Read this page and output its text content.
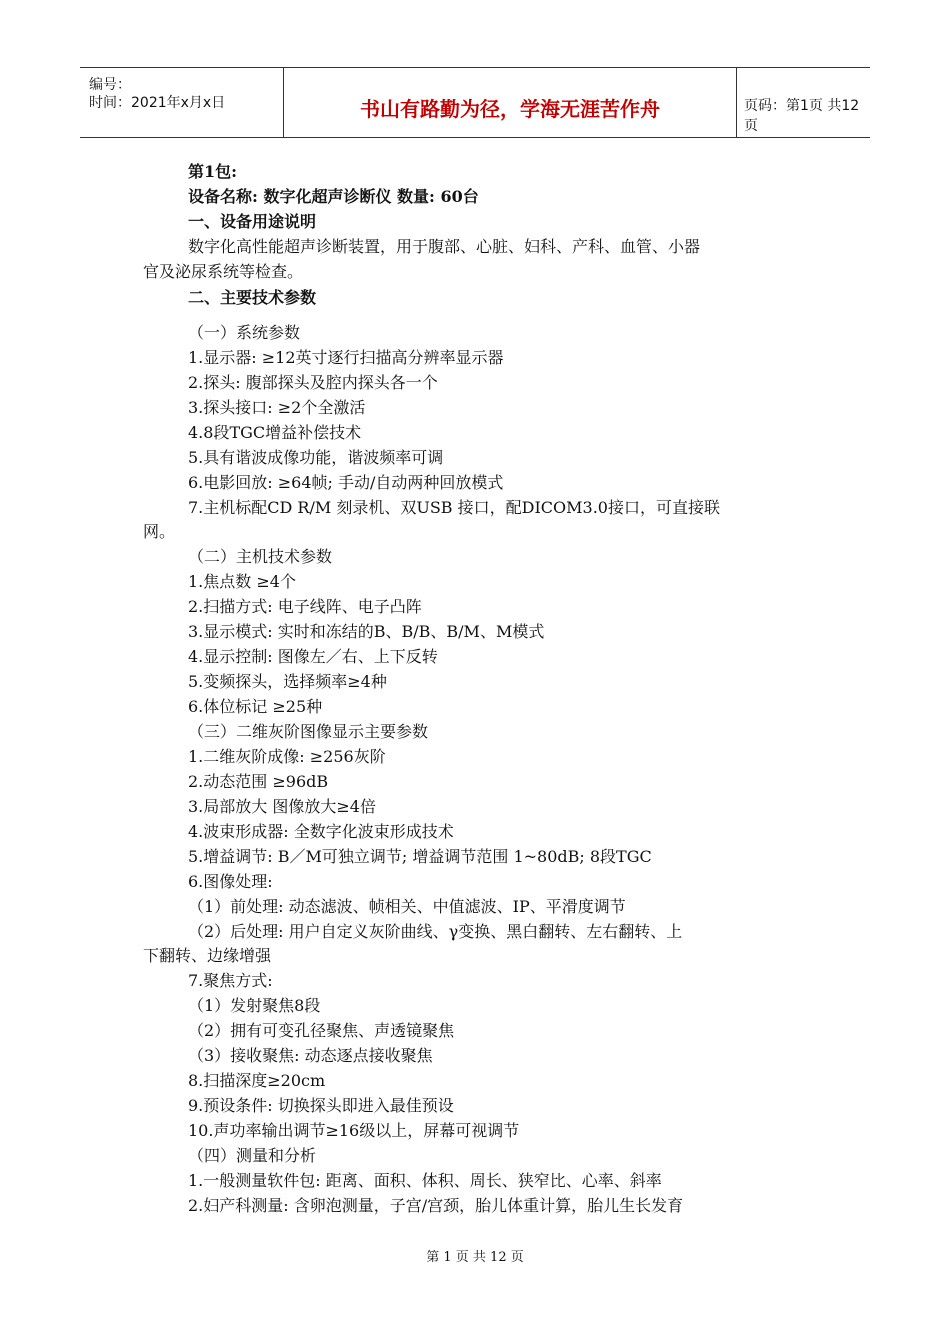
编号：
时间：2021年x月x日	书山有路勤为径，学海无涯苦作舟	页码：第1页 共12页
第1包:
设备名称: 数字化超声诊断仪 数量: 60台
一、设备用途说明
数字化高性能超声诊断装置，用于腹部、心脏、妇科、产科、血管、小器
官及泌尿系统等检查。
二、主要技术参数
（一）系统参数
1.显示器: ≥12英寸逐行扫描高分辨率显示器
2.探头: 腹部探头及腔内探头各一个
3.探头接口: ≥2个全激活
4.8段TGC增益补偿技术
5.具有谐波成像功能，谐波频率可调
6.电影回放: ≥64帧; 手动/自动两种回放模式
7.主机标配CD R/M 刻录机、双USB 接口，配DICOM3.0接口，可直接联
网。
（二）主机技术参数
1.焦点数 ≥4个
2.扫描方式: 电子线阵、电子凸阵
3.显示模式: 实时和冻结的B、B/B、B/M、M模式
4.显示控制: 图像左／右、上下反转
5.变频探头，选择频率≥4种
6.体位标记 ≥25种
（三）二维灰阶图像显示主要参数
1.二维灰阶成像: ≥256灰阶
2.动态范围 ≥96dB
3.局部放大 图像放大≥4倍
4.波束形成器: 全数字化波束形成技术
5.增益调节: B／M可独立调节; 增益调节范围 1~80dB; 8段TGC
6.图像处理:
（1）前处理: 动态滤波、帧相关、中值滤波、IP、平滑度调节
（2）后处理: 用户自定义灰阶曲线、γ变换、黑白翻转、左右翻转、上
下翻转、边缘增强
7.聚焦方式:
（1）发射聚焦8段
（2）拥有可变孔径聚焦、声透镜聚焦
（3）接收聚焦: 动态逐点接收聚焦
8.扫描深度≥20cm
9.预设条件: 切换探头即进入最佳预设
10.声功率输出调节≥16级以上，屏幕可视调节
（四）测量和分析
1.一般测量软件包: 距离、面积、体积、周长、狭窄比、心率、斜率
2.妇产科测量: 含卵泡测量，子宫/宫颈，胎儿体重计算，胎儿生长发育
第 1 页 共 12 页
